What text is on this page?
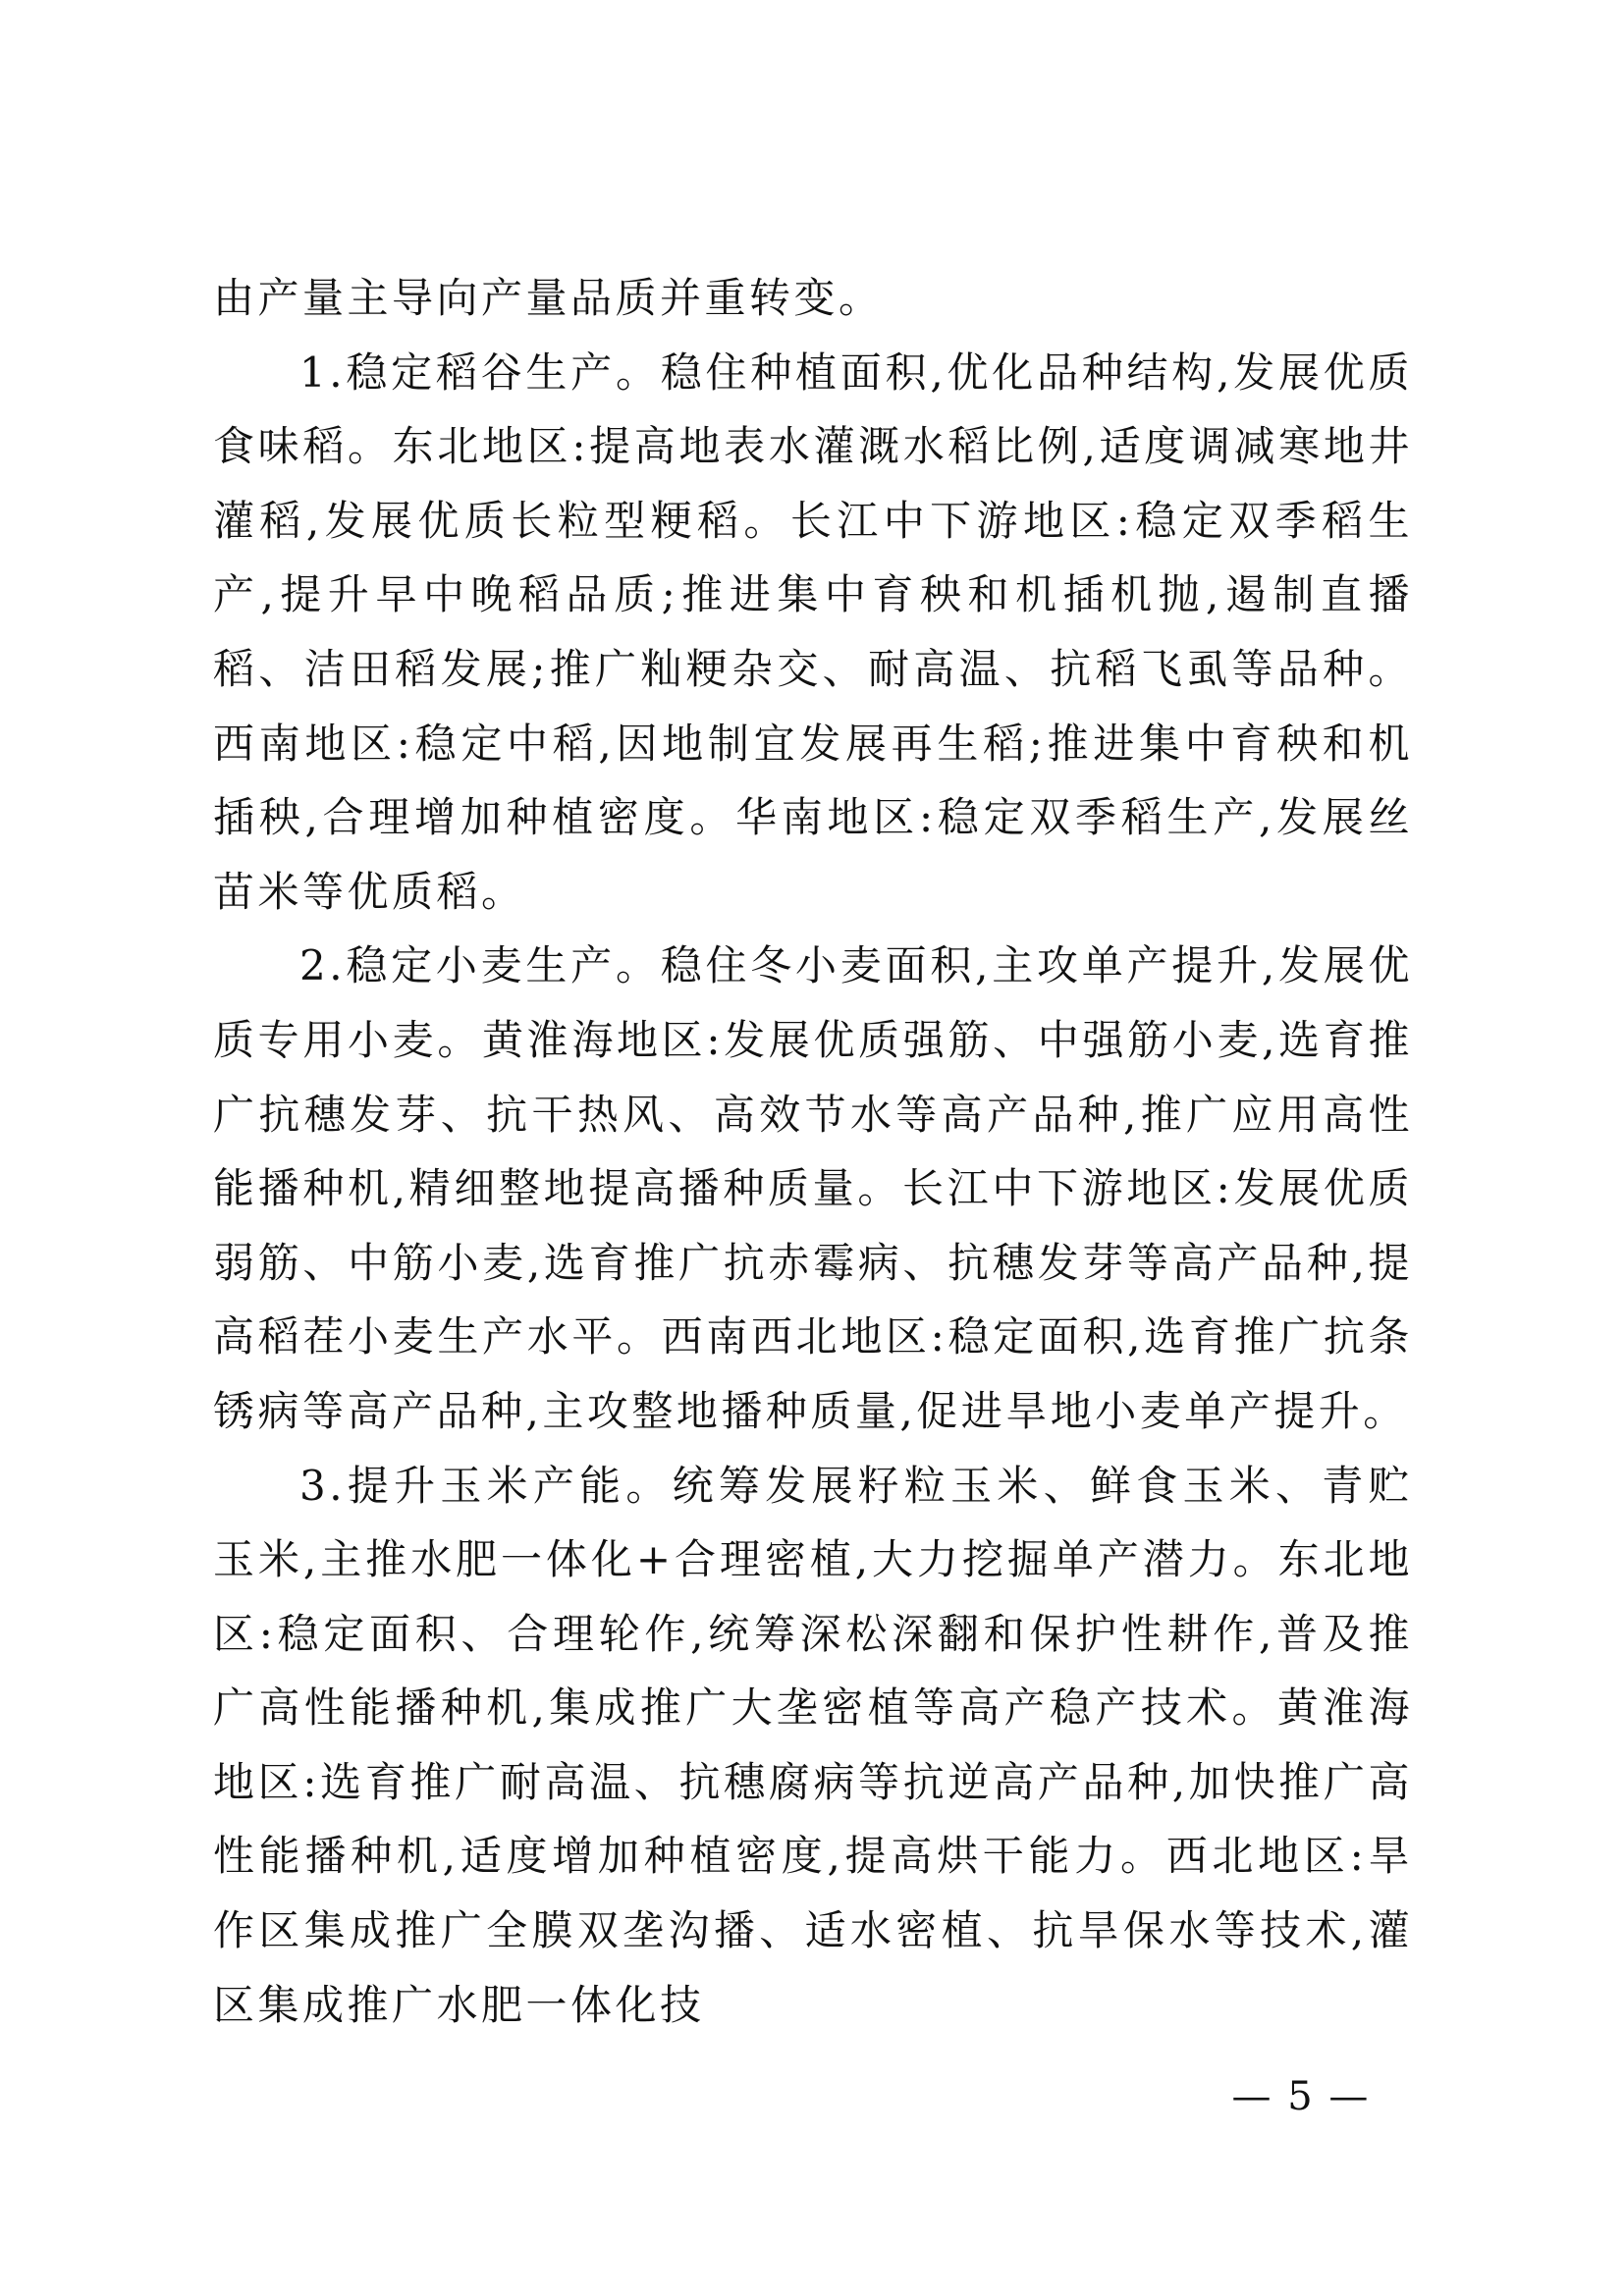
由产量主导向产量品质并重转变。

1.稳定稻谷生产。稳住种植面积,优化品种结构,发展优质食味稻。东北地区:提高地表水灌溉水稻比例,适度调减寒地井灌稻,发展优质长粒型粳稻。长江中下游地区:稳定双季稻生产,提升早中晚稻品质;推进集中育秧和机插机抛,遏制直播稻、洁田稻发展;推广籼粳杂交、耐高温、抗稻飞虱等品种。西南地区:稳定中稻,因地制宜发展再生稻;推进集中育秧和机插秧,合理增加种植密度。华南地区:稳定双季稻生产,发展丝苗米等优质稻。

2.稳定小麦生产。稳住冬小麦面积,主攻单产提升,发展优质专用小麦。黄淮海地区:发展优质强筋、中强筋小麦,选育推广抗穗发芽、抗干热风、高效节水等高产品种,推广应用高性能播种机,精细整地提高播种质量。长江中下游地区:发展优质弱筋、中筋小麦,选育推广抗赤霉病、抗穗发芽等高产品种,提高稻茬小麦生产水平。西南西北地区:稳定面积,选育推广抗条锈病等高产品种,主攻整地播种质量,促进旱地小麦单产提升。

3.提升玉米产能。统筹发展籽粒玉米、鲜食玉米、青贮玉米,主推水肥一体化+合理密植,大力挖掘单产潜力。东北地区:稳定面积、合理轮作,统筹深松深翻和保护性耕作,普及推广高性能播种机,集成推广大垄密植等高产稳产技术。黄淮海地区:选育推广耐高温、抗穗腐病等抗逆高产品种,加快推广高性能播种机,适度增加种植密度,提高烘干能力。西北地区:旱作区集成推广全膜双垄沟播、适水密植、抗旱保水等技术,灌区集成推广水肥一体化技

— 5 —
